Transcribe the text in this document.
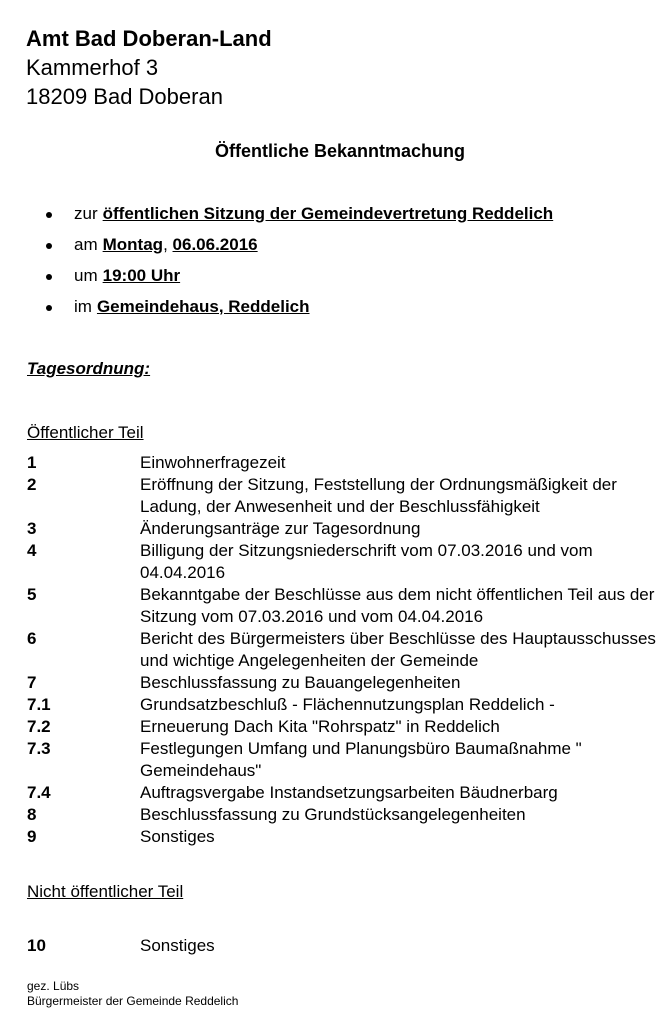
Amt Bad Doberan-Land
Kammerhof 3
18209 Bad Doberan
Öffentliche Bekanntmachung
zur öffentlichen Sitzung der Gemeindevertretung Reddelich
am Montag ,
06.06.2016
um 19:00 Uhr
im Gemeindehaus, Reddelich
Tagesordnung:
Öffentlicher Teil
1	Einwohnerfragezeit
2	Eröffnung der Sitzung, Feststellung der Ordnungsmäßigkeit der Ladung, der Anwesenheit und der Beschlussfähigkeit
3	Änderungsanträge zur Tagesordnung
4	Billigung der Sitzungsniederschrift vom 07.03.2016 und vom 04.04.2016
5	Bekanntgabe der Beschlüsse aus dem nicht öffentlichen Teil aus der Sitzung vom 07.03.2016 und vom 04.04.2016
6	Bericht des Bürgermeisters über Beschlüsse des Hauptausschusses und wichtige Angelegenheiten der Gemeinde
7	Beschlussfassung zu Bauangelegenheiten
7.1	Grundsatzbeschluß - Flächennutzungsplan Reddelich -
7.2	Erneuerung Dach Kita "Rohrspatz" in Reddelich
7.3	Festlegungen Umfang und Planungsbüro Baumaßnahme " Gemeindehaus"
7.4	Auftragsvergabe Instandsetzungsarbeiten Bäudnerbarg
8	Beschlussfassung zu Grundstücksangelegenheiten
9	Sonstiges
Nicht öffentlicher Teil
10	Sonstiges
gez. Lübs
Bürgermeister der Gemeinde Reddelich
